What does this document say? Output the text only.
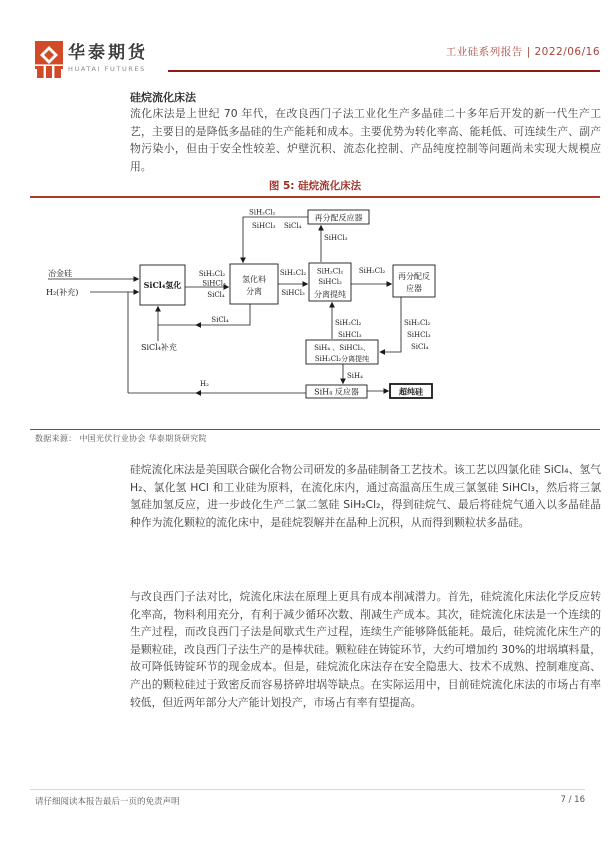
华泰期货
HUATAI FUTURES
工业硅系列报告 | 2022/06/16
硅烷流化床法
流化床法是上世纪 70 年代，在改良西门子法工业化生产多晶硅二十多年后开发的新一代生产工艺，主要目的是降低多晶硅的生产能耗和成本。主要优势为转化率高、能耗低、可连续生产、副产物污染小，但由于安全性较差、炉壁沉积、流态化控制、产品纯度控制等问题尚未实现大规模应用。
图 5: 硅烷流化床法
SiCl₄氢化
氢化料
分离
再分配反应器
SiH₂Cl₂
SiHCl₃
分离提纯
再分配反
应器
SiH₄ 、SiHCl₃、
SiH₂Cl₂分离提纯
SiH₄ 反应器	超纯硅
冶金硅
H₂(补充)
H₂
SiH₂Cl₂
SiHCl₃
SiCl₄
SiH₂Cl₂
SiHCl₃ SiCl₄
SiHCl₃
SiH₂Cl₂
SiHCl₃
SiH₂Cl₂
SiCl₄
SiCl₄补充
SiH₂Cl₂
SiHCl₃
SiCl₄
SiH₂Cl₂
SiHCl₃
SiH₄
数据来源： 中国光伏行业协会 华泰期货研究院
硅烷流化床法是美国联合碳化合物公司研发的多晶硅制备工艺技术。该工艺以四氯化硅 SiCl₄、氢气 H₂、氯化氢 HCl 和工业硅为原料，在流化床内，通过高温高压生成三氯氢硅 SiHCl₃，然后将三氯氢硅加氢反应，进一步歧化生产二氯二氢硅 SiH₂Cl₂，得到硅烷气、最后将硅烷气通入以多晶硅晶种作为流化颗粒的流化床中，是硅烷裂解并在晶种上沉积，从而得到颗粒状多晶硅。
与改良西门子法对比，烷流化床法在原理上更具有成本削减潜力。首先，硅烷流化床法化学反应转化率高，物料利用充分，有利于减少循环次数、削减生产成本。其次，硅烷流化床法是一个连续的生产过程，而改良西门子法是间歇式生产过程，连续生产能够降低能耗。最后，硅烷流化床生产的是颗粒硅，改良西门子法生产的是棒状硅。颗粒硅在铸锭环节，大约可增加约 30%的坩埚填料量，故可降低铸锭环节的现金成本。但是，硅烷流化床法存在安全隐患大、技术不成熟、控制难度高、产出的颗粒硅过于致密反而容易挤碎坩埚等缺点。在实际运用中，目前硅烷流化床法的市场占有率较低，但近两年部分大产能计划投产，市场占有率有望提高。
请仔细阅读本报告最后一页的免责声明	7 / 16
